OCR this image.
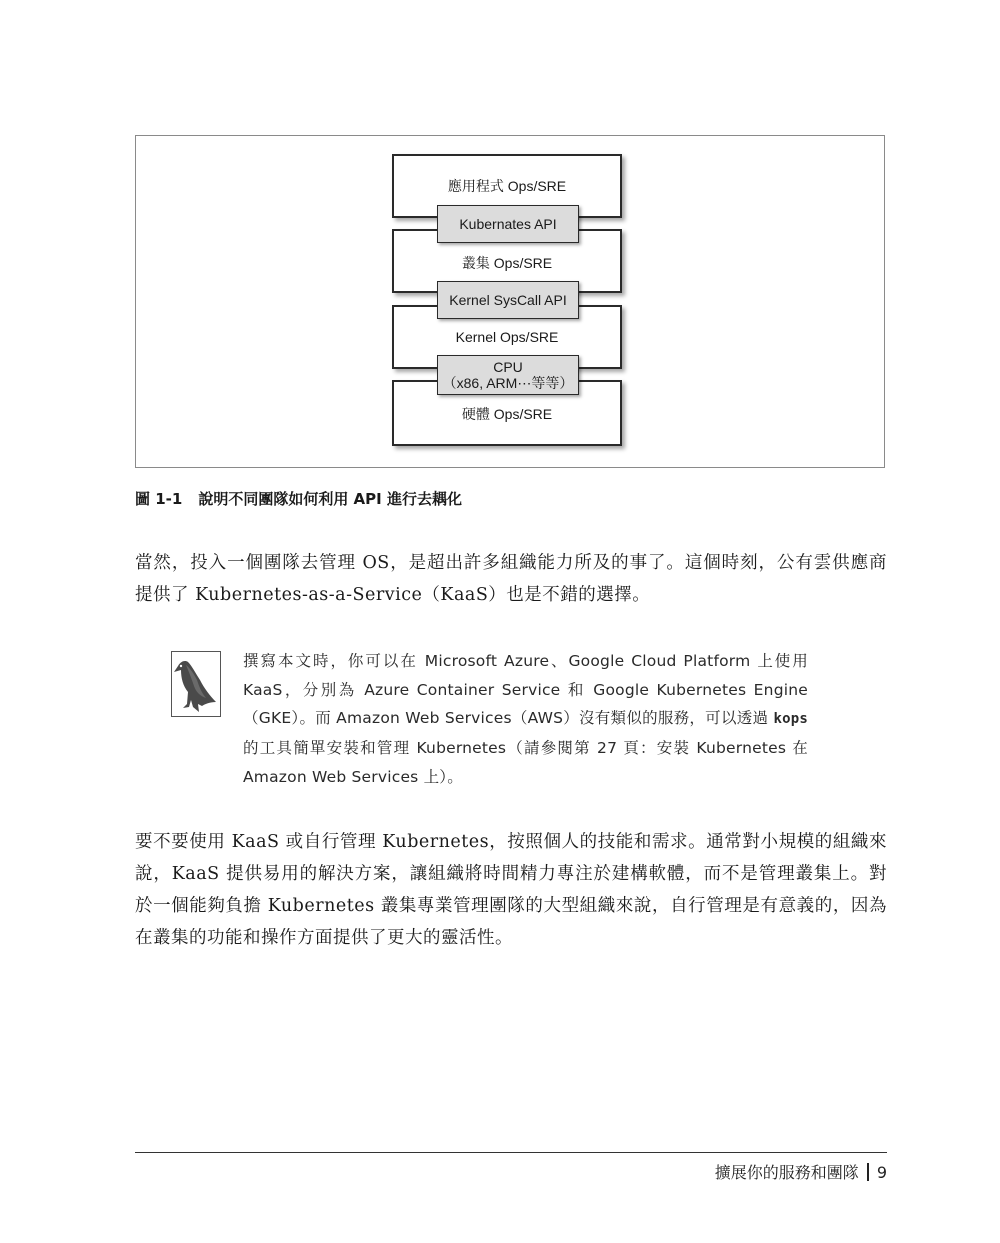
應用程式 Ops/SRE
叢集 Ops/SRE
Kernel Ops/SRE
硬體 Ops/SRE
Kubernates API
Kernel SysCall API
CPU
（x86, ARM⋯等等）
圖 1-1 說明不同團隊如何利用 API 進行去耦化

當然，投入一個團隊去管理 OS，是超出許多組織能力所及的事了。這個時刻，公有雲供應商提供了 Kubernetes-as-a-Service（KaaS）也是不錯的選擇。

撰寫本文時，你可以在 Microsoft Azure、Google Cloud Platform 上使用 KaaS，分別為 Azure Container Service 和 Google Kubernetes Engine（GKE）。而 Amazon Web Services（AWS）沒有類似的服務，可以透過 kops 的工具簡單安裝和管理 Kubernetes（請參閱第 27 頁：安裝 Kubernetes 在 Amazon Web Services 上）。

要不要使用 KaaS 或自行管理 Kubernetes，按照個人的技能和需求。通常對小規模的組織來說，KaaS 提供易用的解決方案，讓組織將時間精力專注於建構軟體，而不是管理叢集上。對於一個能夠負擔 Kubernetes 叢集專業管理團隊的大型組織來說，自行管理是有意義的，因為在叢集的功能和操作方面提供了更大的靈活性。

擴展你的服務和團隊 9
